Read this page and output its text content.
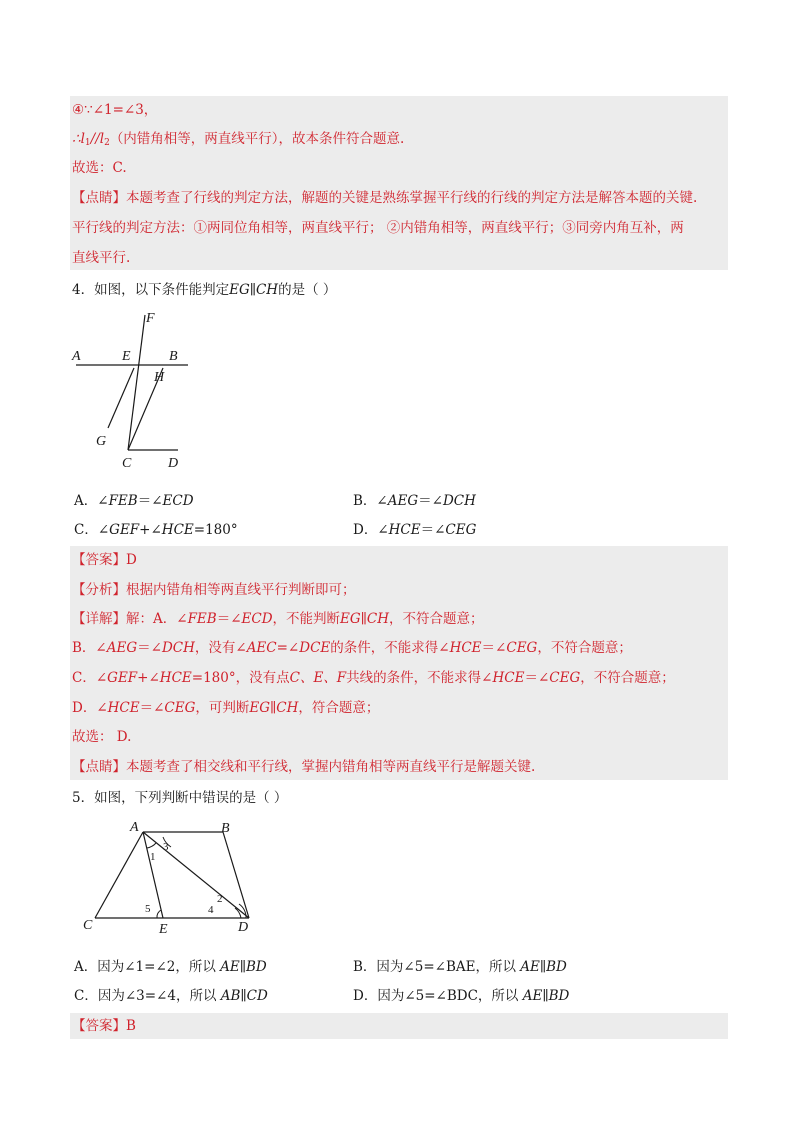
④∵∠1=∠3，
$\therefore l_1//l_2$（内错角相等，两直线平行），故本条件符合题意.
故选：C.
【点睛】本题考查了行线的判定方法，解题的关键是熟练掌握平行线的行线的判定方法是解答本题的关键.
平行线的判定方法：①两同位角相等，两直线平行； ②内错角相等，两直线平行；③同旁内角互补，两
直线平行.
4．如图，以下条件能判定EG∥CH的是（ ）
F
A	E	B
H
G
C	D
A．∠FEB＝∠ECD	B．∠AEG＝∠DCH
C．∠GEF+∠HCE=180°	D．∠HCE＝∠CEG
【答案】D
【分析】根据内错角相等两直线平行判断即可；
【详解】解：A．∠FEB＝∠ECD，不能判断EG∥CH，不符合题意；
B．∠AEG＝∠DCH，没有∠AEC=∠DCE的条件，不能求得∠HCE＝∠CEG，不符合题意；
C．∠GEF+∠HCE=180°，没有点C、E、F共线的条件，不能求得∠HCE＝∠CEG，不符合题意；
D．∠HCE＝∠CEG，可判断EG∥CH，符合题意；
故选： D.
【点睛】本题考查了相交线和平行线，掌握内错角相等两直线平行是解题关键.
5．如图，下列判断中错误的是（ ）
A	B
C	E	D
1
2
3
4
5
A．因为∠1=∠2，所以 AE∥BD	B．因为∠5=∠BAE，所以 AE∥BD
C．因为∠3=∠4，所以 AB∥CD	D．因为∠5=∠BDC，所以 AE∥BD
【答案】B
